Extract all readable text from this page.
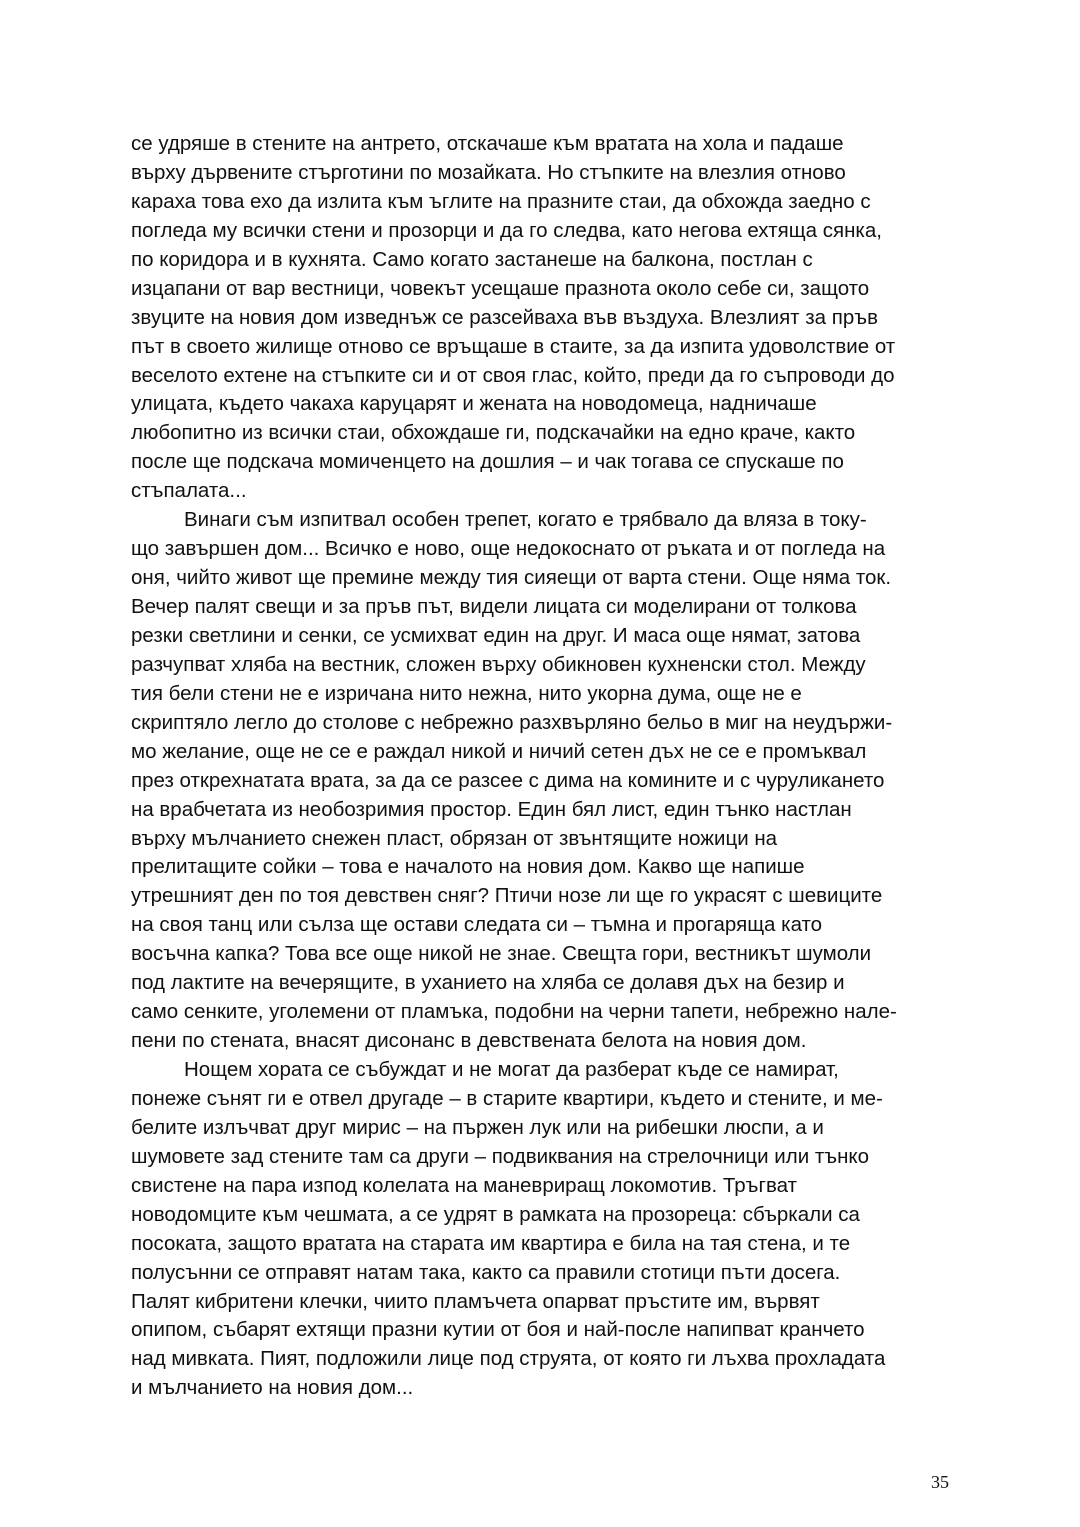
се удряше в стените на антрето, отскачаше към вратата на хола и падаше
върху дървените стърготини по мозайката. Но стъпките на влезлия отново
караха това ехо да излита към ъглите на празните стаи, да обхожда заедно с
погледа му всички стени и прозорци и да го следва, като негова ехтяща сянка,
по коридора и в кухнята. Само когато застанеше на балкона, постлан с
изцапани от вар вестници, човекът усещаше празнота около себе си, защото
звуците на новия дом изведнъж се разсейваха във въздуха. Влезлият за пръв
път в своето жилище отново се връщаше в стаите, за да изпита удоволствие от
веселото ехтене на стъпките си и от своя глас, който, преди да го съпроводи до
улицата, където чакаха каруцарят и жената на новодомеца, надничаше
любопитно из всички стаи, обхождаше ги, подскачайки на едно краче, както
после ще подскача момиченцето на дошлия – и чак тогава се спускаше по
стъпалата...
Винаги съм изпитвал особен трепет, когато е трябвало да вляза в току-
що завършен дом... Всичко е ново, още недокоснато от ръката и от погледа на
оня, чийто живот ще премине между тия сияещи от варта стени. Още няма ток.
Вечер палят свещи и за пръв път, видели лицата си моделирани от толкова
резки светлини и сенки, се усмихват един на друг. И маса още нямат, затова
разчупват хляба на вестник, сложен върху обикновен кухненски стол. Между
тия бели стени не е изричана нито нежна, нито укорна дума, още не е
скриптяло легло до столове с небрежно разхвърляно бельо в миг на неудържи-
мо желание, още не се е раждал никой и ничий сетен дъх не се е промъквал
през открехнатата врата, за да се разсее с дима на комините и с чуруликането
на врабчетата из необозримия простор. Един бял лист, един тънко настлан
върху мълчанието снежен пласт, обрязан от звънтящите ножици на
прелитащите сойки – това е началото на новия дом. Какво ще напише
утрешният ден по тоя девствен сняг? Птичи нозе ли ще го украсят с шевиците
на своя танц или сълза ще остави следата си – тъмна и прогаряща като
восъчна капка? Това все още никой не знае. Свещта гори, вестникът шумоли
под лактите на вечерящите, в уханието на хляба се долавя дъх на безир и
само сенките, уголемени от пламъка, подобни на черни тапети, небрежно нале-
пени по стената, внасят дисонанс в девствената белота на новия дом.
Нощем хората се събуждат и не могат да разберат къде се намират,
понеже сънят ги е отвел другаде – в старите квартири, където и стените, и ме-
белите излъчват друг мирис – на пържен лук или на рибешки люспи, а и
шумовете зад стените там са други – подвиквания на стрелочници или тънко
свистене на пара изпод колелата на маневриращ локомотив. Тръгват
новодомците към чешмата, а се удрят в рамката на прозореца: сбъркали са
посоката, защото вратата на старата им квартира е била на тая стена, и те
полусънни се отправят натам така, както са правили стотици пъти досега.
Палят кибритени клечки, чиито пламъчета опарват пръстите им, вървят
опипом, събарят ехтящи празни кутии от боя и най-после напипват кранчето
над мивката. Пият, подложили лице под струята, от която ги лъхва прохладата
и мълчанието на новия дом...
35
